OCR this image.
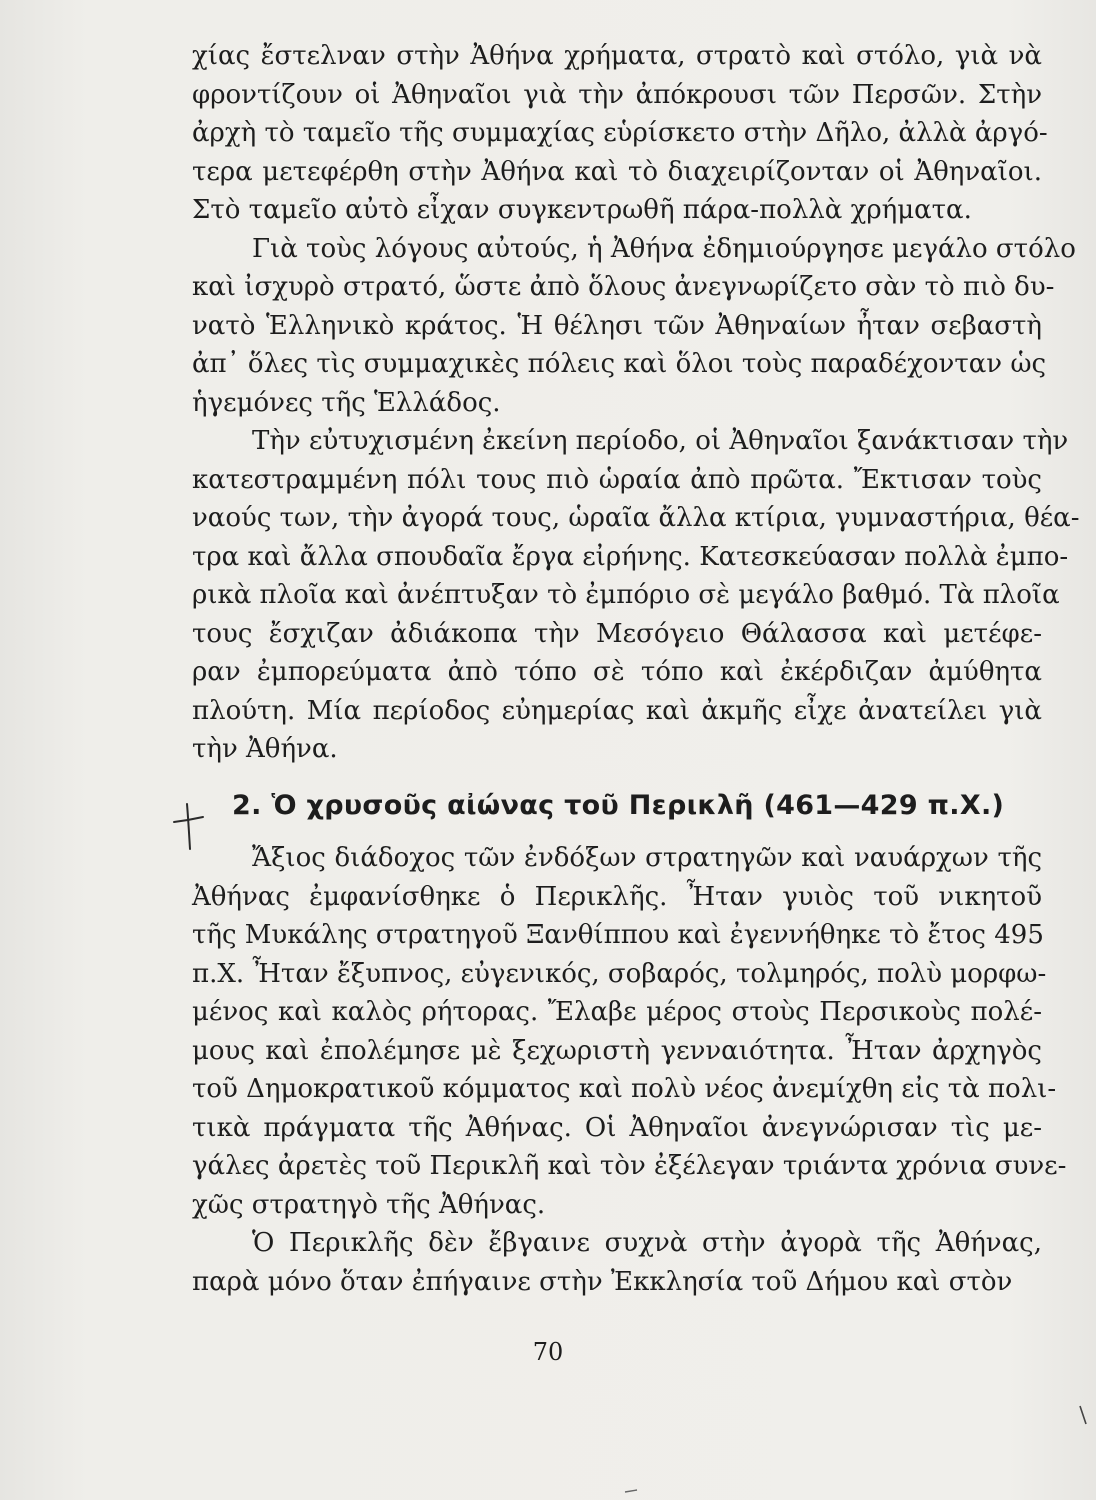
χίας ἔστελναν στὴν Ἀθήνα χρήματα, στρατὸ καὶ στόλο, γιὰ νὰ
φροντίζουν οἱ Ἀθηναῖοι γιὰ τὴν ἀπόκρουσι τῶν Περσῶν. Στὴν
ἀρχὴ τὸ ταμεῖο τῆς συμμαχίας εὑρίσκετο στὴν Δῆλο, ἀλλὰ ἀργό-
τερα μετεφέρθη στὴν Ἀθήνα καὶ τὸ διαχειρίζονταν οἱ Ἀθηναῖοι.
Στὸ ταμεῖο αὐτὸ εἶχαν συγκεντρωθῆ πάρα-πολλὰ χρήματα.
Γιὰ τοὺς λόγους αὐτούς, ἡ Ἀθήνα ἐδημιούργησε μεγάλο στόλο
καὶ ἰσχυρὸ στρατό, ὥστε ἀπὸ ὅλους ἀνεγνωρίζετο σὰν τὸ πιὸ δυ-
νατὸ Ἑλληνικὸ κράτος. Ἡ θέλησι τῶν Ἀθηναίων ἦταν σεβαστὴ
ἀπ᾽ ὅλες τὶς συμμαχικὲς πόλεις καὶ ὅλοι τοὺς παραδέχονταν ὡς
ἡγεμόνες τῆς Ἑλλάδος.
Τὴν εὐτυχισμένη ἐκείνη περίοδο, οἱ Ἀθηναῖοι ξανάκτισαν τὴν
κατεστραμμένη πόλι τους πιὸ ὡραία ἀπὸ πρῶτα. Ἔκτισαν τοὺς
ναούς των, τὴν ἀγορά τους, ὡραῖα ἄλλα κτίρια, γυμναστήρια, θέα-
τρα καὶ ἄλλα σπουδαῖα ἔργα εἰρήνης. Κατεσκεύασαν πολλὰ ἐμπο-
ρικὰ πλοῖα καὶ ἀνέπτυξαν τὸ ἐμπόριο σὲ μεγάλο βαθμό. Τὰ πλοῖα
τους ἔσχιζαν ἀδιάκοπα τὴν Μεσόγειο Θάλασσα καὶ μετέφε-
ραν ἐμπορεύματα ἀπὸ τόπο σὲ τόπο καὶ ἐκέρδιζαν ἀμύθητα
πλούτη. Μία περίοδος εὐημερίας καὶ ἀκμῆς εἶχε ἀνατείλει γιὰ
τὴν Ἀθήνα.
2. Ὁ χρυσοῦς αἰώνας τοῦ Περικλῆ (461—429 π.Χ.)
Ἄξιος διάδοχος τῶν ἐνδόξων στρατηγῶν καὶ ναυάρχων τῆς
Ἀθήνας ἐμφανίσθηκε ὁ Περικλῆς. Ἦταν γυιὸς τοῦ νικητοῦ
τῆς Μυκάλης στρατηγοῦ Ξανθίππου καὶ ἐγεννήθηκε τὸ ἔτος 495
π.Χ. Ἦταν ἔξυπνος, εὐγενικός, σοβαρός, τολμηρός, πολὺ μορφω-
μένος καὶ καλὸς ρήτορας. Ἔλαβε μέρος στοὺς Περσικοὺς πολέ-
μους καὶ ἐπολέμησε μὲ ξεχωριστὴ γενναιότητα. Ἦταν ἀρχηγὸς
τοῦ Δημοκρατικοῦ κόμματος καὶ πολὺ νέος ἀνεμίχθη εἰς τὰ πολι-
τικὰ πράγματα τῆς Ἀθήνας. Οἱ Ἀθηναῖοι ἀνεγνώρισαν τὶς με-
γάλες ἀρετὲς τοῦ Περικλῆ καὶ τὸν ἐξέλεγαν τριάντα χρόνια συνε-
χῶς στρατηγὸ τῆς Ἀθήνας.
Ὁ Περικλῆς δὲν ἔβγαινε συχνὰ στὴν ἀγορὰ τῆς Ἀθήνας,
παρὰ μόνο ὅταν ἐπήγαινε στὴν Ἐκκλησία τοῦ Δήμου καὶ στὸν
70
